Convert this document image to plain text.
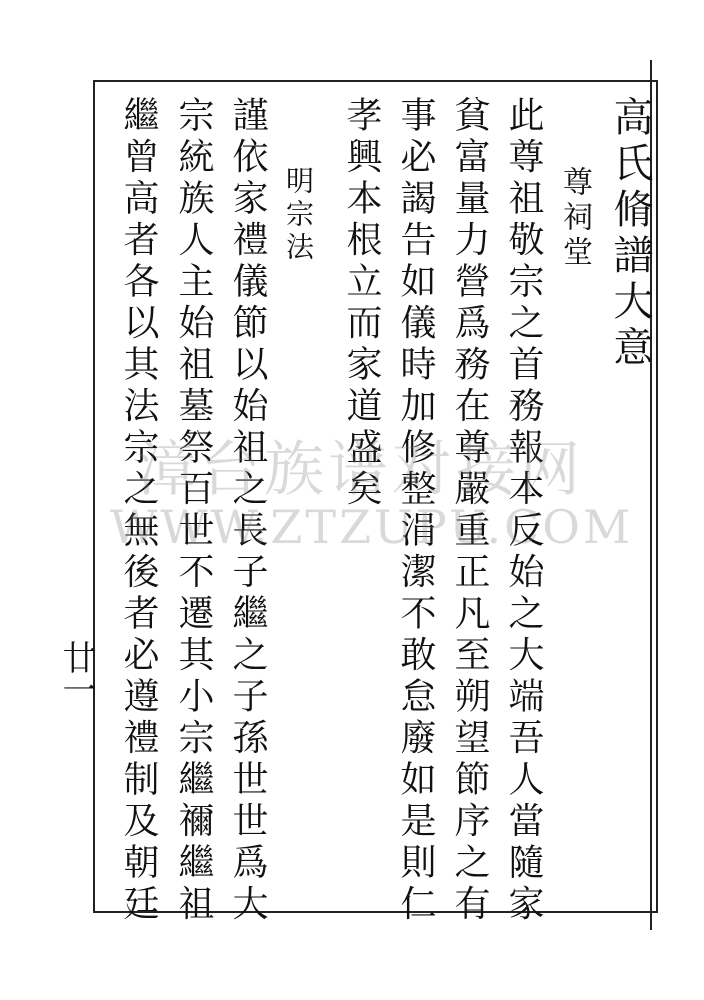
高氏脩譜大意
尊祠堂
此尊祖敬宗之首務報本反始之大端吾人當隨家
貧富量力營爲務在尊嚴重正凡至朔望節序之有
事必謁告如儀時加修整涓潔不敢怠廢如是則仁
孝興本根立而家道盛矣
明宗法
謹依家禮儀節以始祖之長子繼之子孫世世爲大
宗統族人主始祖墓祭百世不遷其小宗繼禰繼祖
繼曾高者各以其法宗之無後者必遵禮制及朝廷
廿一
漳台族谱对接网
WWW.ZTZUPU.COM
